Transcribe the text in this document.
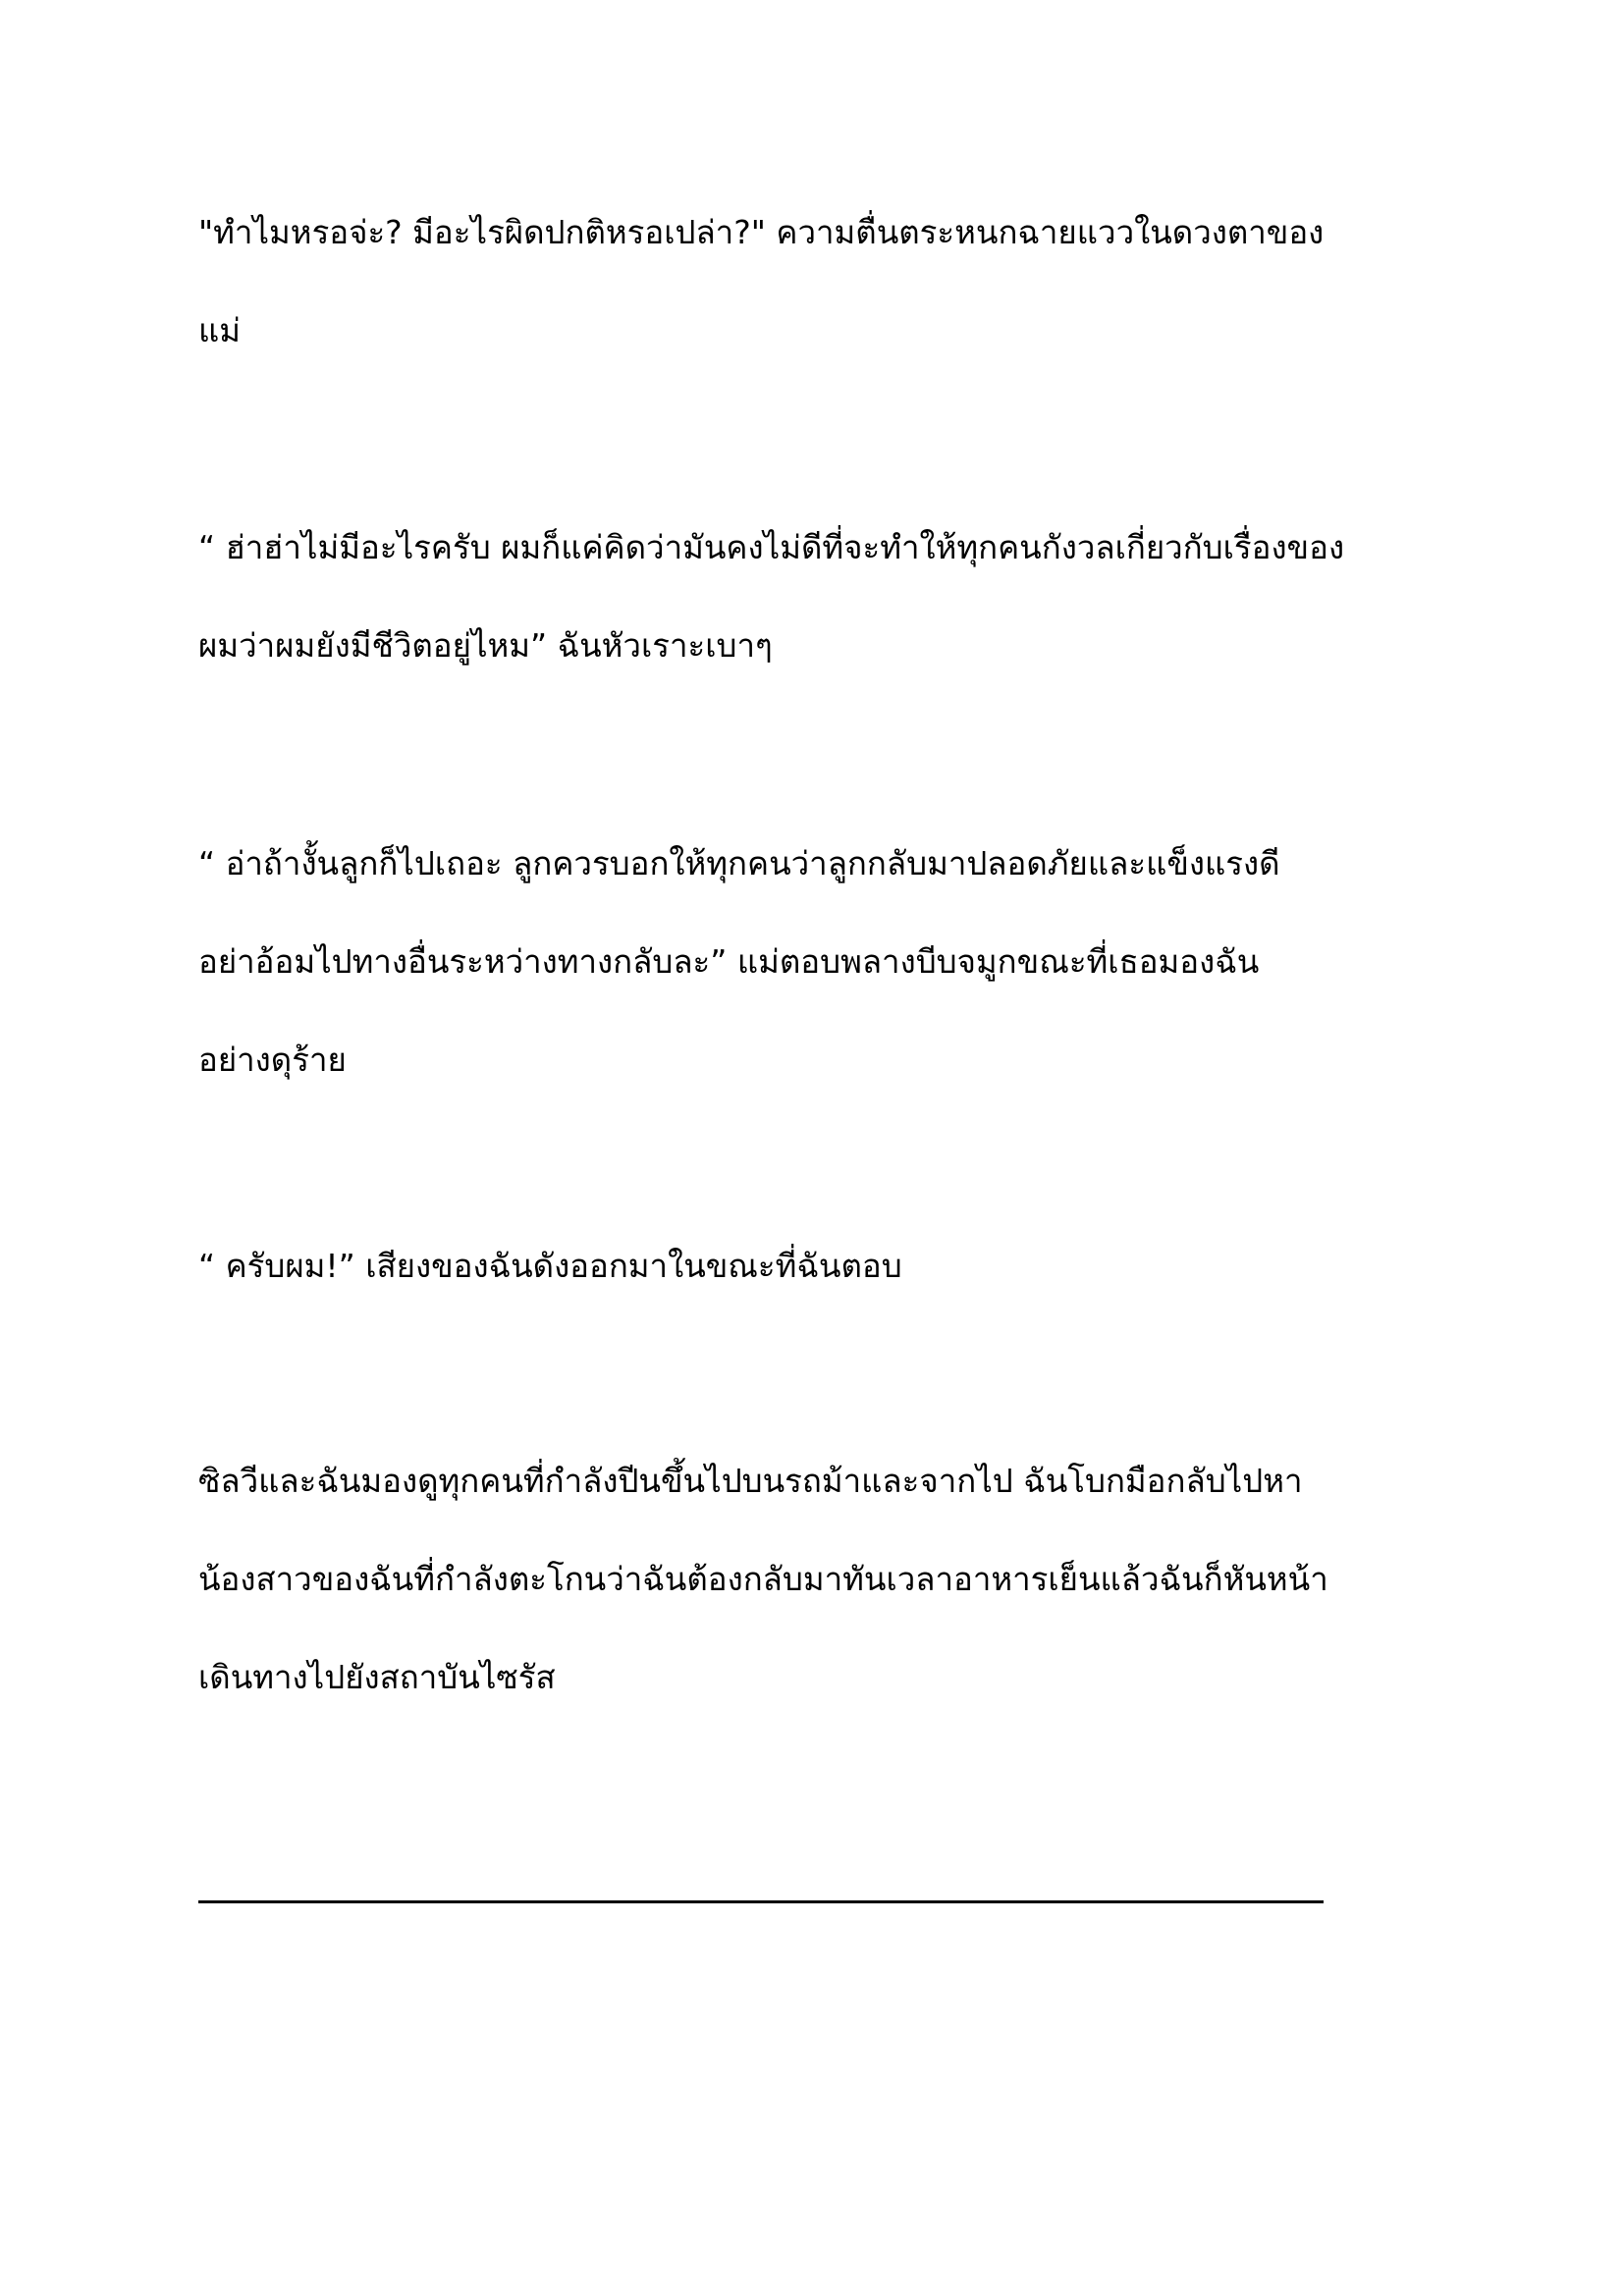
"ทำไมหรอจ่ะ? มีอะไรผิดปกติหรอเปล่า?" ความตื่นตระหนกฉายแววในดวงตาของ
แม่

“ ฮ่าฮ่าไม่มีอะไรครับ ผมก็แค่คิดว่ามันคงไม่ดีที่จะทำให้ทุกคนกังวลเกี่ยวกับเรื่องของ
ผมว่าผมยังมีชีวิตอยู่ไหม” ฉันหัวเราะเบาๆ

“ อ่าถ้างั้นลูกก็ไปเถอะ ลูกควรบอกให้ทุกคนว่าลูกกลับมาปลอดภัยและแข็งแรงดี
อย่าอ้อมไปทางอื่นระหว่างทางกลับละ” แม่ตอบพลางบีบจมูกขณะที่เธอมองฉัน
อย่างดุร้าย

“ ครับผม!” เสียงของฉันดังออกมาในขณะที่ฉันตอบ

ซิลวีและฉันมองดูทุกคนที่กำลังปีนขึ้นไปบนรถม้าและจากไป ฉันโบกมือกลับไปหา
น้องสาวของฉันที่กำลังตะโกนว่าฉันต้องกลับมาทันเวลาอาหารเย็นแล้วฉันก็หันหน้า
เดินทางไปยังสถาบันไซรัส
